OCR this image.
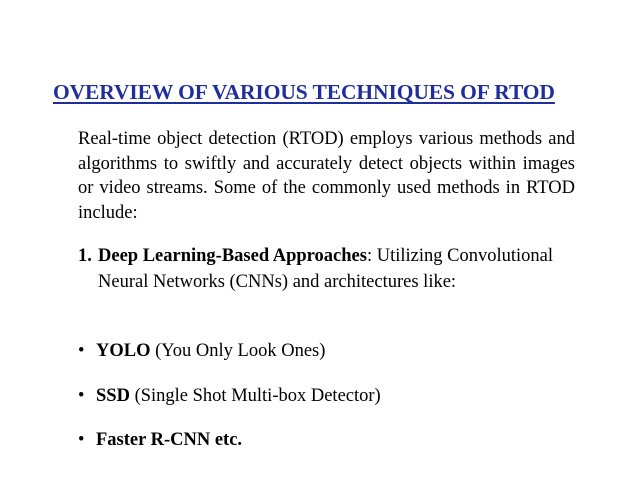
OVERVIEW OF VARIOUS TECHNIQUES OF RTOD

Real-time object detection (RTOD) employs various methods and algorithms to swiftly and accurately detect objects within images or video streams. Some of the commonly used methods in RTOD include:

1. Deep Learning-Based Approaches: Utilizing Convolutional Neural Networks (CNNs) and architectures like:

• YOLO (You Only Look Ones)

• SSD (Single Shot Multi-box Detector)

• Faster R-CNN etc.
